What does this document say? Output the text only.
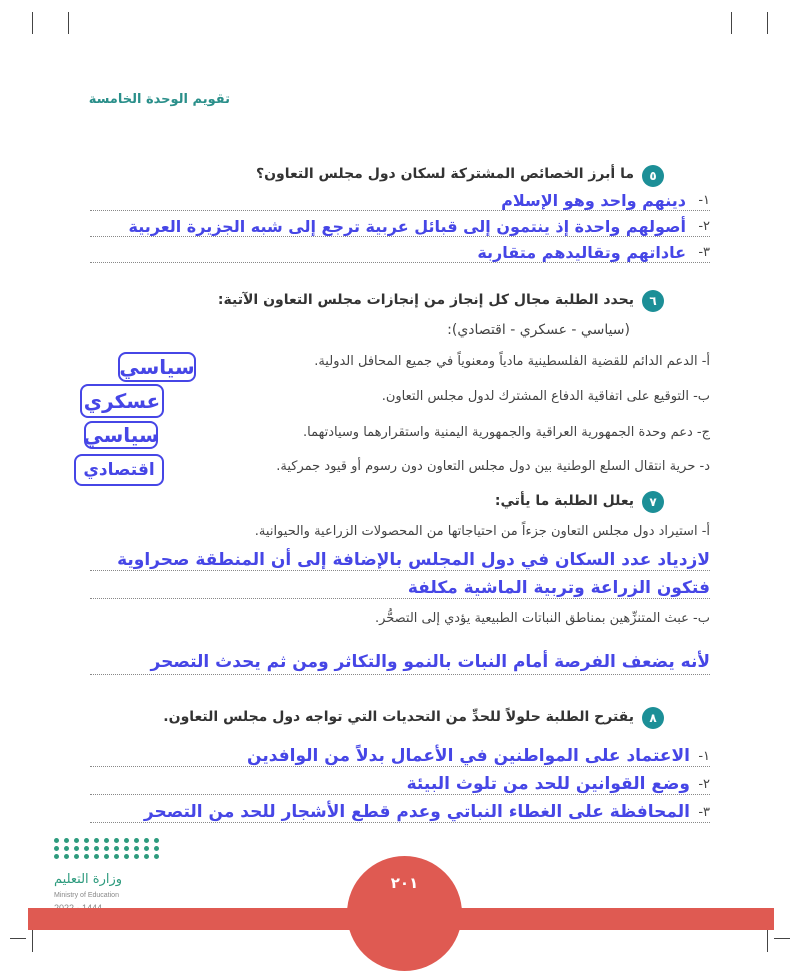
تقويم الوحدة الخامسة
٥
ما أبرز الخصائص المشتركة لسكان دول مجلس التعاون؟
١-
دينهم واحد وهو الإسلام
٢-
أصولهم واحدة إذ ينتمون إلى قبائل عربية ترجع إلى شبه الجزيرة العربية
٣-
عاداتهم وتقاليدهم متقاربة
٦
يحدد الطلبة مجال كل إنجاز من إنجازات مجلس التعاون الآتية:
(سياسي - عسكري - اقتصادي):
أ- الدعم الدائم للقضية الفلسطينية مادياً ومعنوياً في جميع المحافل الدولية.
سياسي
ب- التوقيع على اتفاقية الدفاع المشترك لدول مجلس التعاون.
عسكري
ج- دعم وحدة الجمهورية العراقية والجمهورية اليمنية واستقرارهما وسيادتهما.
سياسي
د- حرية انتقال السلع الوطنية بين دول مجلس التعاون دون رسوم أو قيود جمركية.
اقتصادي
٧
يعلل الطلبة ما يأتي:
أ- استيراد دول مجلس التعاون جزءاً من احتياجاتها من المحصولات الزراعية والحيوانية.
لازدياد عدد السكان في دول المجلس بالإضافة إلى أن المنطقة صحراوية
فتكون الزراعة وتربية الماشية مكلفة
ب- عبث المتنزِّهين بمناطق النباتات الطبيعية يؤدي إلى التصحُّر.
لأنه يضعف الفرصة أمام النبات بالنمو والتكاثر ومن ثم يحدث التصحر
٨
يقترح الطلبة حلولاً للحدِّ من التحديات التي تواجه دول مجلس التعاون.
١-
الاعتماد على المواطنين في الأعمال بدلاً من الوافدين
٢-
وضع القوانين للحد من تلوث البيئة
٣-
المحافظة على الغطاء النباتي وعدم قطع الأشجار للحد من التصحر
وزارة التعليم
Ministry of Education
٢٠١
